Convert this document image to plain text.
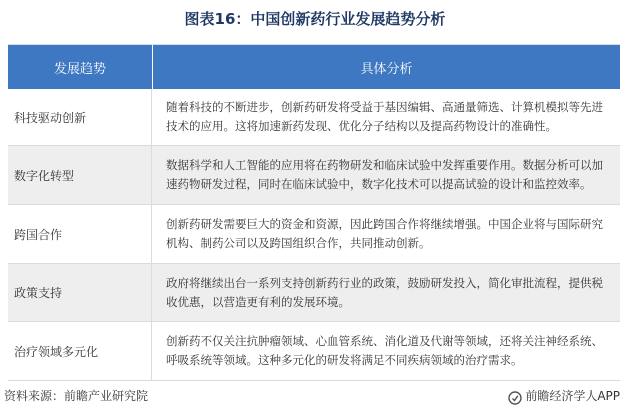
图表16：中国创新药行业发展趋势分析
发展趋势	具体分析
科技驱动创新
随着科技的不断进步，创新药研发将受益于基因编辑、高通量筛选、计算机模拟等先进技术的应用。这将加速新药发现、优化分子结构以及提高药物设计的准确性。
数字化转型
数据科学和人工智能的应用将在药物研发和临床试验中发挥重要作用。数据分析可以加速药物研发过程，同时在临床试验中，数字化技术可以提高试验的设计和监控效率。
跨国合作
创新药研发需要巨大的资金和资源，因此跨国合作将继续增强。中国企业将与国际研究机构、制药公司以及跨国组织合作，共同推动创新。
政策支持
政府将继续出台一系列支持创新药行业的政策，鼓励研发投入，简化审批流程，提供税收优惠，以营造更有利的发展环境。
治疗领域多元化
创新药不仅关注抗肿瘤领域、心血管系统、消化道及代谢等领域，还将关注神经系统、呼吸系统等领域。这种多元化的研发将满足不同疾病领域的治疗需求。
资料来源：前瞻产业研究院	前瞻经济学人APP
